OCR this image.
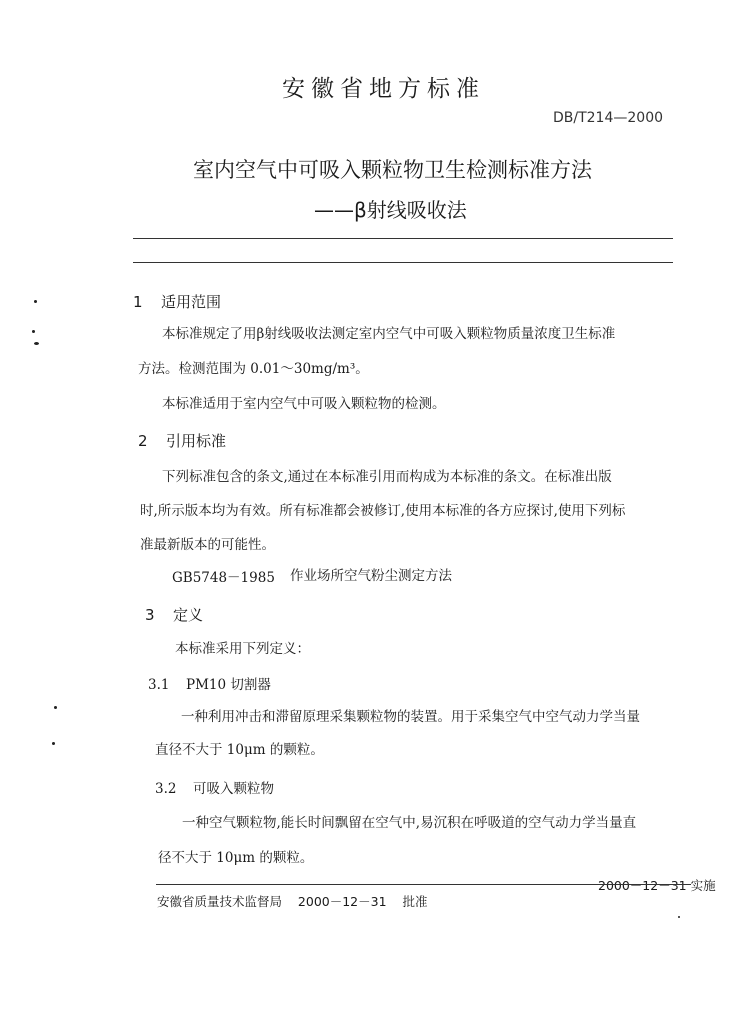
安徽省地方标准
DB/T214—2000
室内空气中可吸入颗粒物卫生检测标准方法
——β射线吸收法
1 适用范围
本标准规定了用β射线吸收法测定室内空气中可吸入颗粒物质量浓度卫生标准
方法。检测范围为 0.01～30mg/m³。
本标准适用于室内空气中可吸入颗粒物的检测。
2 引用标准
下列标准包含的条文,通过在本标准引用而构成为本标准的条文。在标准出版
时,所示版本均为有效。所有标准都会被修订,使用本标准的各方应探讨,使用下列标
准最新版本的可能性。
GB5748－1985 作业场所空气粉尘测定方法
3 定义
本标准采用下列定义：
3.1 PM10 切割器
一种利用冲击和滞留原理采集颗粒物的装置。用于采集空气中空气动力学当量
直径不大于 10μm 的颗粒。
3.2 可吸入颗粒物
一种空气颗粒物,能长时间飘留在空气中,易沉积在呼吸道的空气动力学当量直
径不大于 10μm 的颗粒。
2000－12－31 实施
安徽省质量技术监督局 2000－12－31 批准
